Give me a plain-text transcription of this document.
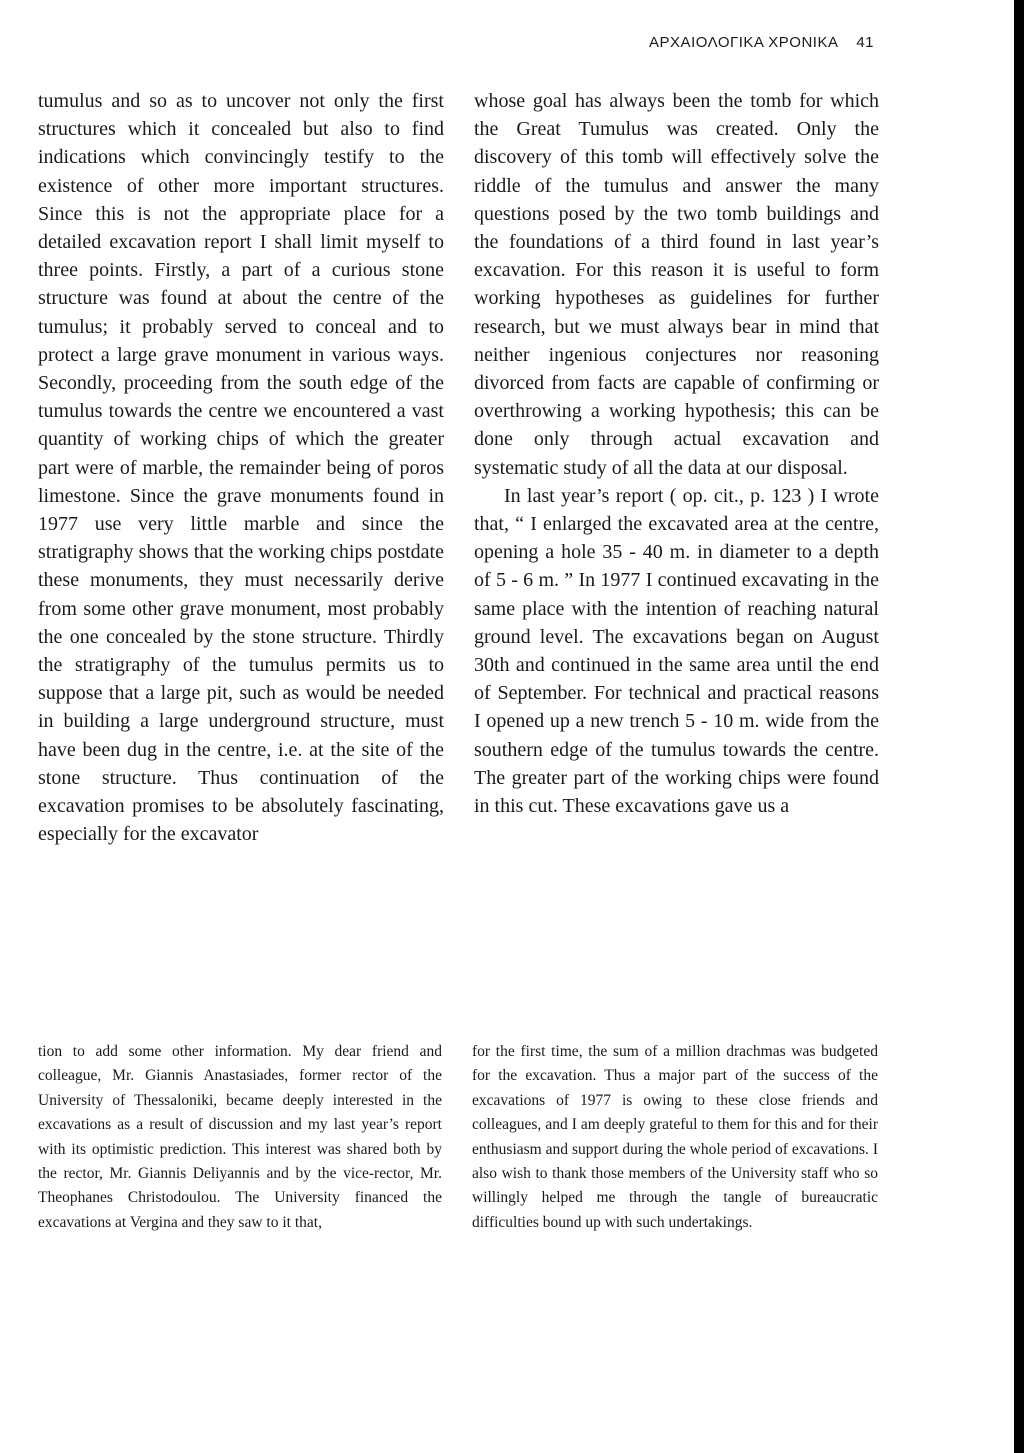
ΑΡΧΑΙΟΛΟΓΙΚΑ ΧΡΟΝΙΚΑ 41

tumulus and so as to uncover not only the first structures which it concealed but also to find indications which convincingly testify to the existence of other more important structures. Since this is not the appropriate place for a detailed excavation report I shall limit myself to three points. Firstly, a part of a curious stone structure was found at about the centre of the tumulus; it probably served to conceal and to protect a large grave monument in various ways. Secondly, proceeding from the south edge of the tumulus towards the centre we encountered a vast quantity of working chips of which the greater part were of marble, the remainder being of poros limestone. Since the grave monuments found in 1977 use very little marble and since the stratigraphy shows that the working chips postdate these monuments, they must necessarily derive from some other grave monument, most probably the one concealed by the stone structure. Thirdly the stratigraphy of the tumulus permits us to suppose that a large pit, such as would be needed in building a large underground structure, must have been dug in the centre, i.e. at the site of the stone structure. Thus continuation of the excavation promises to be absolutely fascinating, especially for the excavator

whose goal has always been the tomb for which the Great Tumulus was created. Only the discovery of this tomb will effectively solve the riddle of the tumulus and answer the many questions posed by the two tomb buildings and the foundations of a third found in last year’s excavation. For this reason it is useful to form working hypotheses as guidelines for further research, but we must always bear in mind that neither ingenious conjectures nor reasoning divorced from facts are capable of confirming or overthrowing a working hypothesis; this can be done only through actual excavation and systematic study of all the data at our disposal.

In last year’s report ( op. cit., p. 123 ) I wrote that, “ I enlarged the excavated area at the centre, opening a hole 35 - 40 m. in diameter to a depth of 5 - 6 m. ” In 1977 I continued excavating in the same place with the intention of reaching natural ground level. The excavations began on August 30th and continued in the same area until the end of September. For technical and practical reasons I opened up a new trench 5 - 10 m. wide from the southern edge of the tumulus towards the centre. The greater part of the working chips were found in this cut. These excavations gave us a

tion to add some other information. My dear friend and colleague, Mr. Giannis Anastasiades, former rector of the University of Thessaloniki, became deeply interested in the excavations as a result of discussion and my last year’s report with its optimistic prediction. This interest was shared both by the rector, Mr. Giannis Deliyannis and by the vice-rector, Mr. Theophanes Christodoulou. The University financed the excavations at Vergina and they saw to it that,
for the first time, the sum of a million drachmas was budgeted for the excavation. Thus a major part of the success of the excavations of 1977 is owing to these close friends and colleagues, and I am deeply grateful to them for this and for their enthusiasm and support during the whole period of excavations. I also wish to thank those members of the University staff who so willingly helped me through the tangle of bureaucratic difficulties bound up with such undertakings.
